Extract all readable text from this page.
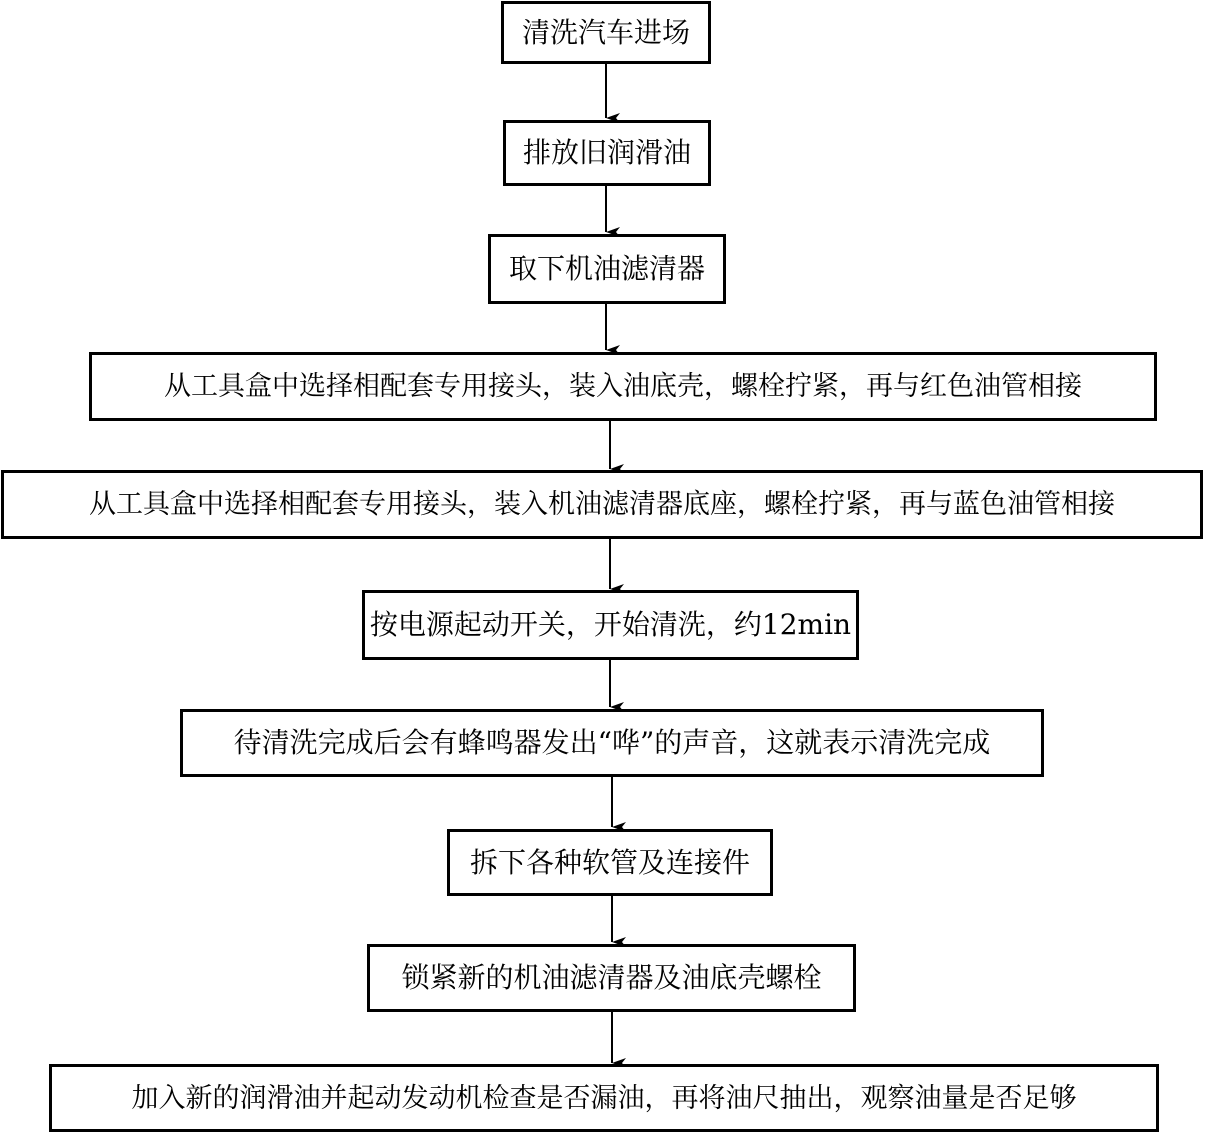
清洗汽车进场
排放旧润滑油
取下机油滤清器
从工具盒中选择相配套专用接头，装入油底壳，螺栓拧紧，再与红色油管相接
从工具盒中选择相配套专用接头，装入机油滤清器底座，螺栓拧紧，再与蓝色油管相接
按电源起动开关，开始清洗，约12min
待清洗完成后会有蜂鸣器发出“哗”的声音，这就表示清洗完成
拆下各种软管及连接件
锁紧新的机油滤清器及油底壳螺栓
加入新的润滑油并起动发动机检查是否漏油，再将油尺抽出，观察油量是否足够
